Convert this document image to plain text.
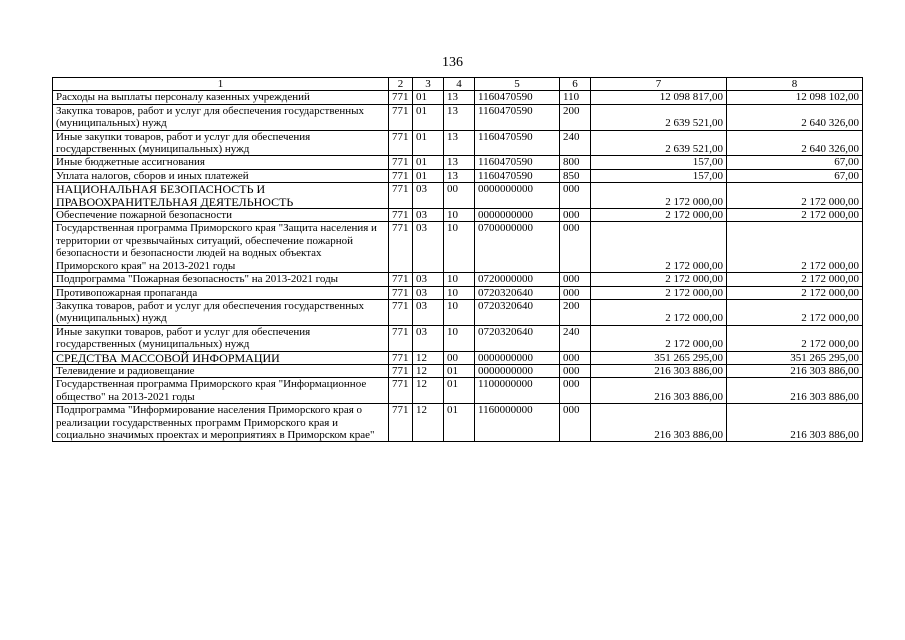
136
1	2	3	4	5	6	7	8
Расходы на выплаты персоналу казенных учреждений	771	01	13	1160470590	110	12 098 817,00	12 098 102,00
Закупка товаров, работ и услуг для обеспечения государственных (муниципальных) нужд	771	01	13	1160470590	200	2 639 521,00	2 640 326,00
Иные закупки товаров, работ и услуг для обеспечения государственных (муниципальных) нужд	771	01	13	1160470590	240	2 639 521,00	2 640 326,00
Иные бюджетные ассигнования	771	01	13	1160470590	800	157,00	67,00
Уплата налогов, сборов и иных платежей	771	01	13	1160470590	850	157,00	67,00
НАЦИОНАЛЬНАЯ БЕЗОПАСНОСТЬ И ПРАВООХРАНИТЕЛЬНАЯ ДЕЯТЕЛЬНОСТЬ	771	03	00	0000000000	000	2 172 000,00	2 172 000,00
Обеспечение пожарной безопасности	771	03	10	0000000000	000	2 172 000,00	2 172 000,00
Государственная программа Приморского края "Защита населения и территории от чрезвычайных ситуаций, обеспечение пожарной безопасности и безопасности людей на водных объектах Приморского края" на 2013-2021 годы	771	03	10	0700000000	000	2 172 000,00	2 172 000,00
Подпрограмма "Пожарная безопасность" на 2013-2021 годы	771	03	10	0720000000	000	2 172 000,00	2 172 000,00
Противопожарная пропаганда	771	03	10	0720320640	000	2 172 000,00	2 172 000,00
Закупка товаров, работ и услуг для обеспечения государственных (муниципальных) нужд	771	03	10	0720320640	200	2 172 000,00	2 172 000,00
Иные закупки товаров, работ и услуг для обеспечения государственных (муниципальных) нужд	771	03	10	0720320640	240	2 172 000,00	2 172 000,00
СРЕДСТВА МАССОВОЙ ИНФОРМАЦИИ	771	12	00	0000000000	000	351 265 295,00	351 265 295,00
Телевидение и радиовещание	771	12	01	0000000000	000	216 303 886,00	216 303 886,00
Государственная программа Приморского края "Информационное общество" на 2013-2021 годы	771	12	01	1100000000	000	216 303 886,00	216 303 886,00
Подпрограмма "Информирование населения Приморского края о реализации государственных программ Приморского края и социально значимых проектах и мероприятиях в Приморском крае"	771	12	01	1160000000	000	216 303 886,00	216 303 886,00
